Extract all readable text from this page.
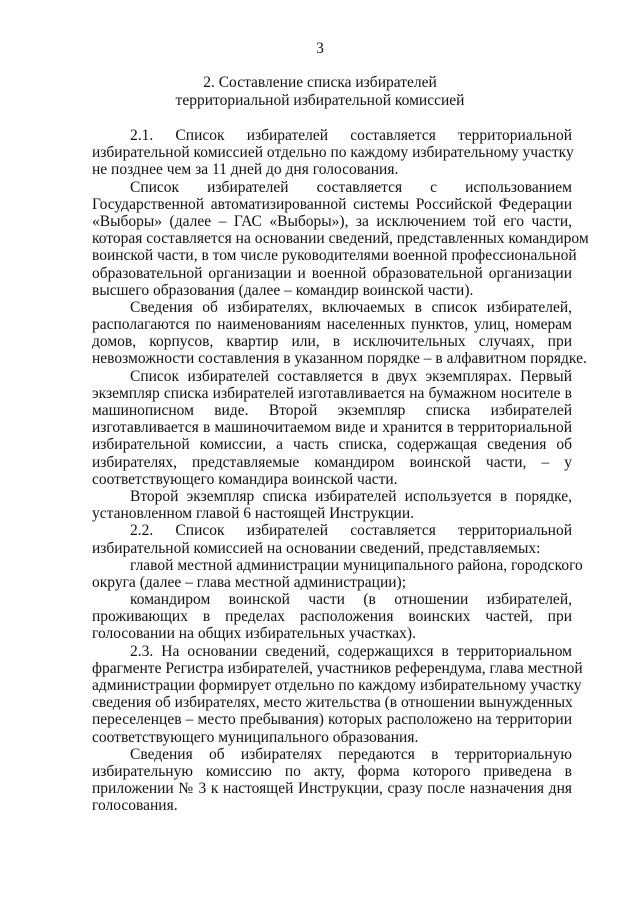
3
2. Составление списка избирателей
территориальной избирательной комиссией
2.1. Список избирателей составляется территориальной
избирательной комиссией отдельно по каждому избирательному участку
не позднее чем за 11 дней до дня голосования.
Список избирателей составляется с использованием
Государственной автоматизированной системы Российской Федерации
«Выборы» (далее – ГАС «Выборы»), за исключением той его части,
которая составляется на основании сведений, представленных командиром
воинской части, в том числе руководителями военной профессиональной
образовательной организации и военной образовательной организации
высшего образования (далее – командир воинской части).
Сведения об избирателях, включаемых в список избирателей,
располагаются по наименованиям населенных пунктов, улиц, номерам
домов, корпусов, квартир или, в исключительных случаях, при
невозможности составления в указанном порядке – в алфавитном порядке.
Список избирателей составляется в двух экземплярах. Первый
экземпляр списка избирателей изготавливается на бумажном носителе в
машинописном виде. Второй экземпляр списка избирателей
изготавливается в машиночитаемом виде и хранится в территориальной
избирательной комиссии, а часть списка, содержащая сведения об
избирателях, представляемые командиром воинской части, – у
соответствующего командира воинской части.
Второй экземпляр списка избирателей используется в порядке,
установленном главой 6 настоящей Инструкции.
2.2. Список избирателей составляется территориальной
избирательной комиссией на основании сведений, представляемых:
главой местной администрации муниципального района, городского
округа (далее – глава местной администрации);
командиром воинской части (в отношении избирателей,
проживающих в пределах расположения воинских частей, при
голосовании на общих избирательных участках).
2.3. На основании сведений, содержащихся в территориальном
фрагменте Регистра избирателей, участников референдума, глава местной
администрации формирует отдельно по каждому избирательному участку
сведения об избирателях, место жительства (в отношении вынужденных
переселенцев – место пребывания) которых расположено на территории
соответствующего муниципального образования.
Сведения об избирателях передаются в территориальную
избирательную комиссию по акту, форма которого приведена в
приложении № 3 к настоящей Инструкции, сразу после назначения дня
голосования.
